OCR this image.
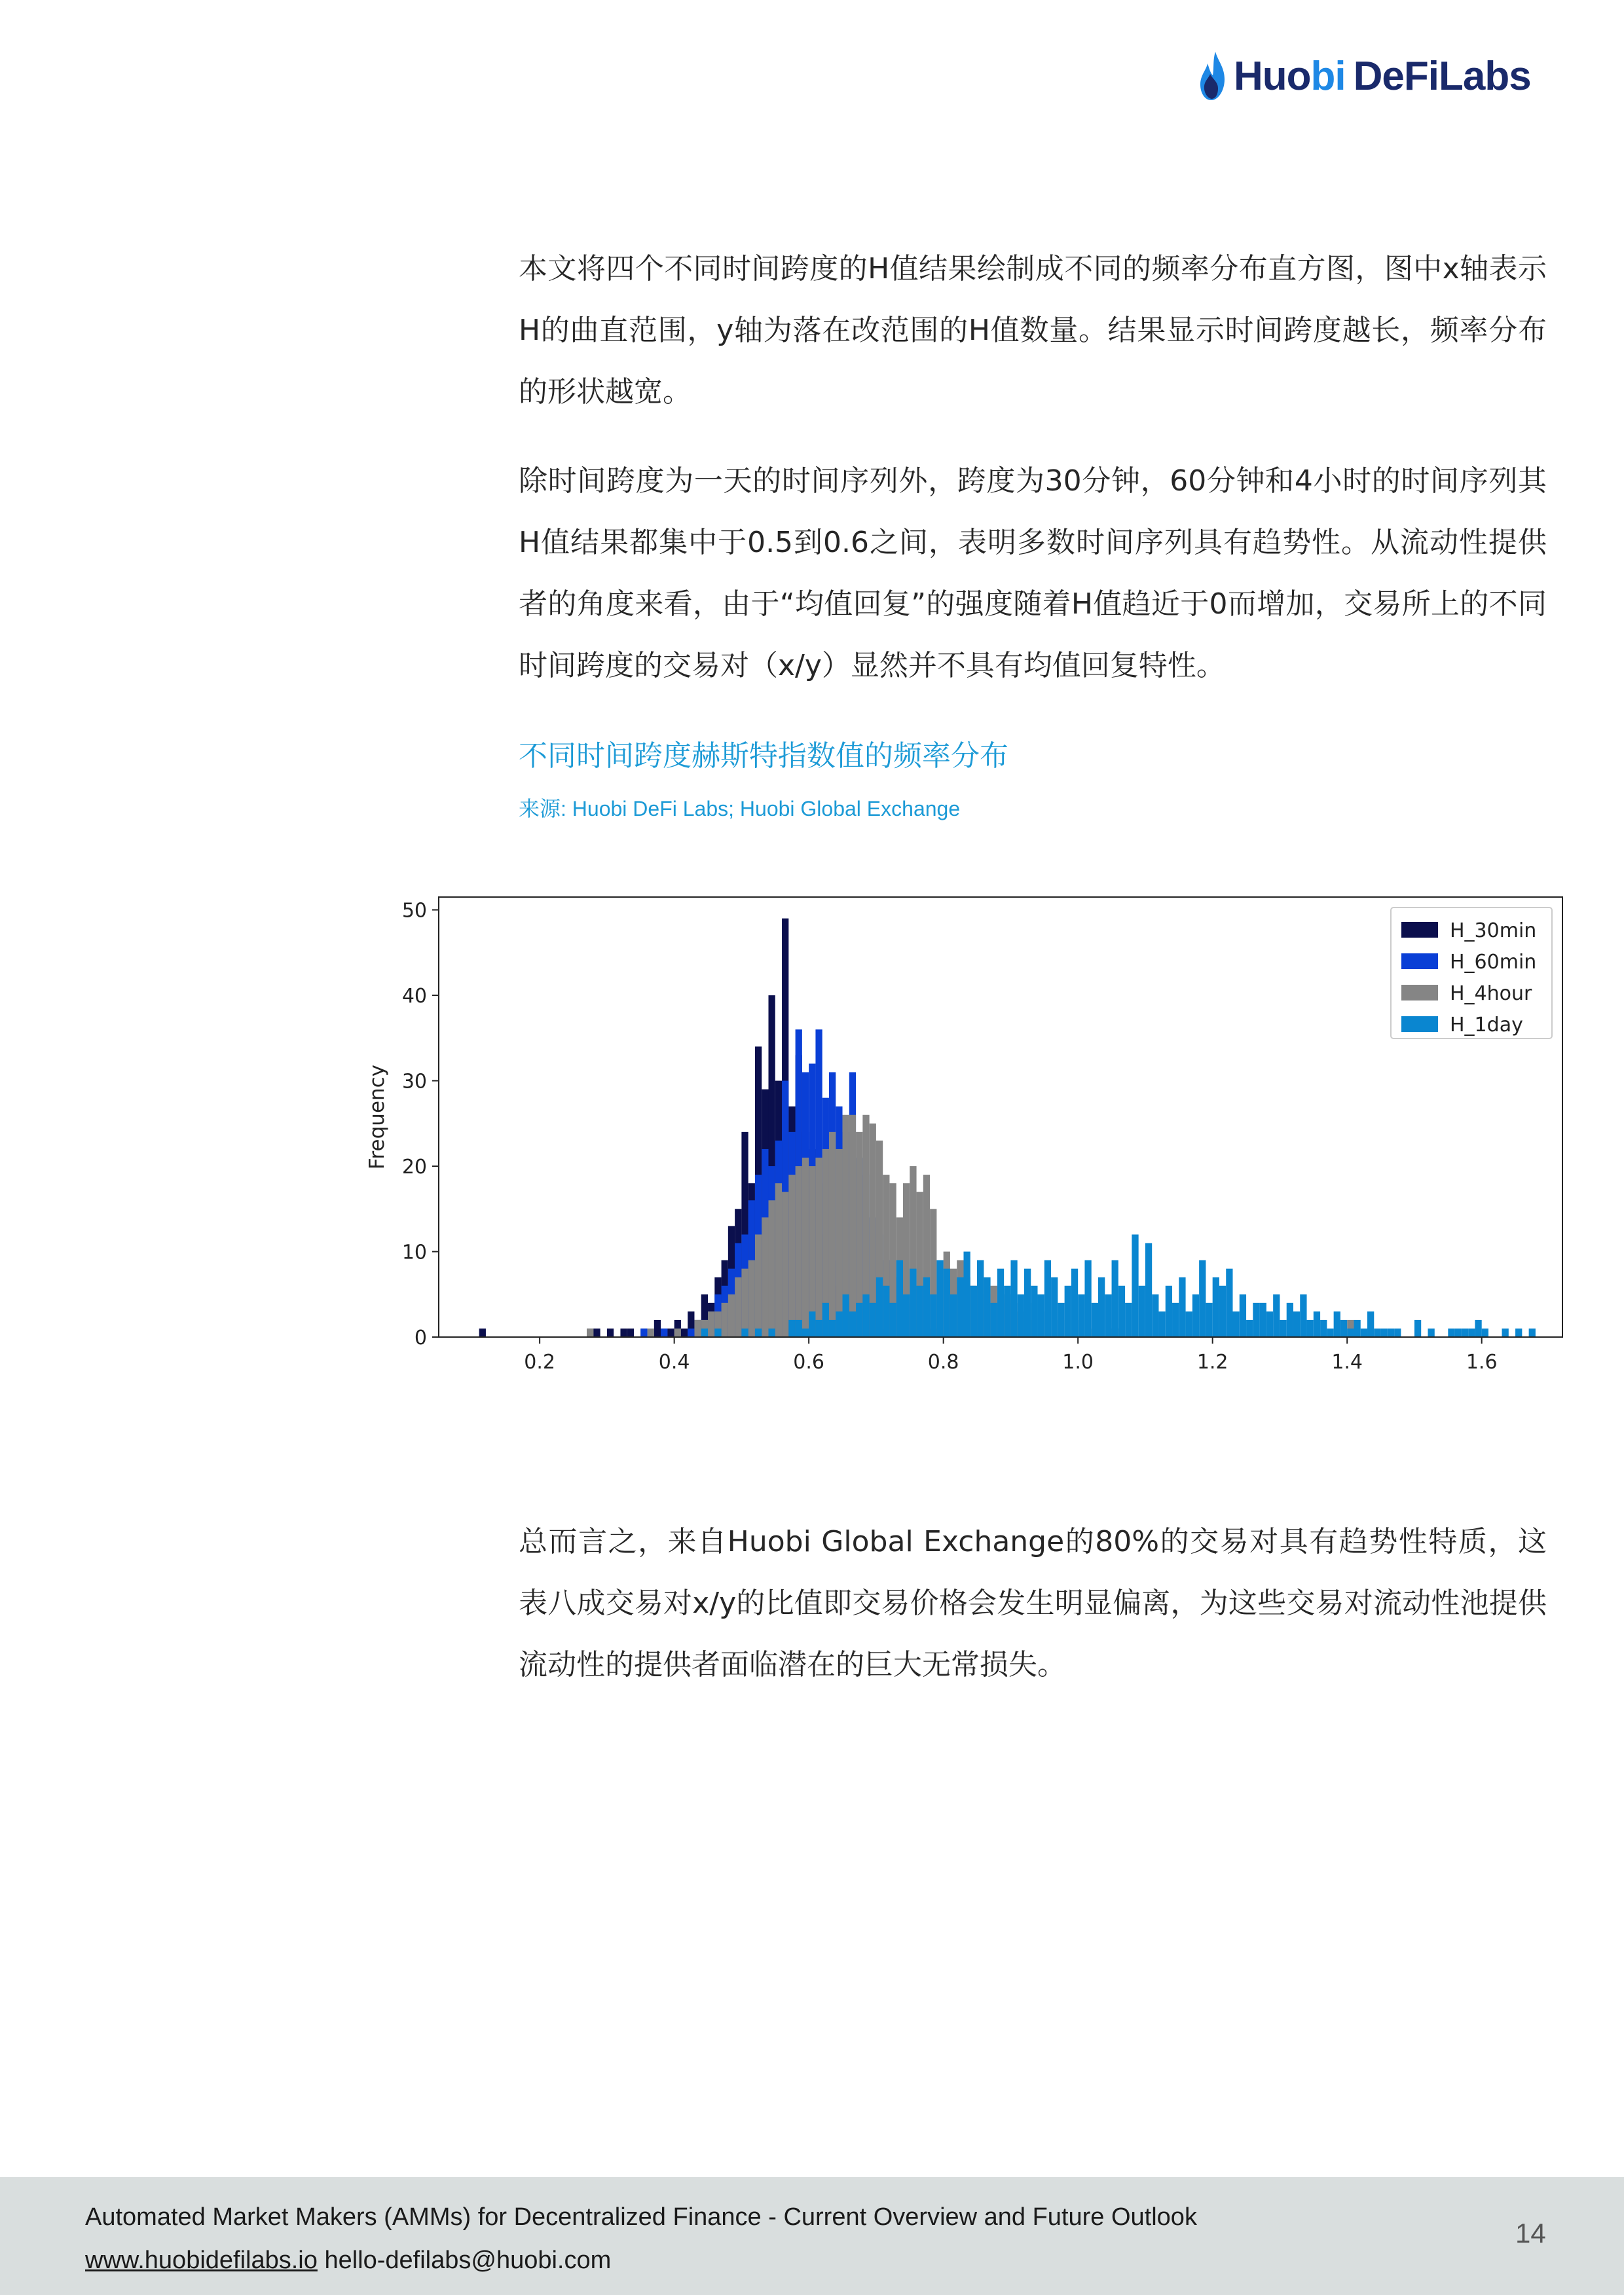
Huobi DeFiLabs

本文将四个不同时间跨度的H值结果绘制成不同的频率分布直方图，图中x轴表示H的曲直范围，y轴为落在改范围的H值数量。结果显示时间跨度越长，频率分布的形状越宽。

除时间跨度为一天的时间序列外，跨度为30分钟，60分钟和4小时的时间序列其H值结果都集中于0.5到0.6之间，表明多数时间序列具有趋势性。从流动性提供者的角度来看，由于“均值回复”的强度随着H值趋近于0而增加，交易所上的不同时间跨度的交易对（x/y）显然并不具有均值回复特性。

不同时间跨度赫斯特指数值的频率分布
来源: Huobi DeFi Labs; Huobi Global Exchange
0
10
20
30
40
50
0.2	0.4	0.6	0.8	1.0	1.2	1.4	1.6
Frequency
H_30min
H_60min
H_4hour
H_1day

总而言之，来自Huobi Global Exchange的80%的交易对具有趋势性特质，这表八成交易对x/y的比值即交易价格会发生明显偏离，为这些交易对流动性池提供流动性的提供者面临潜在的巨大无常损失。

Automated Market Makers (AMMs) for Decentralized Finance - Current Overview and Future Outlook
www.huobidefilabs.io hello-defilabs@huobi.com
14
